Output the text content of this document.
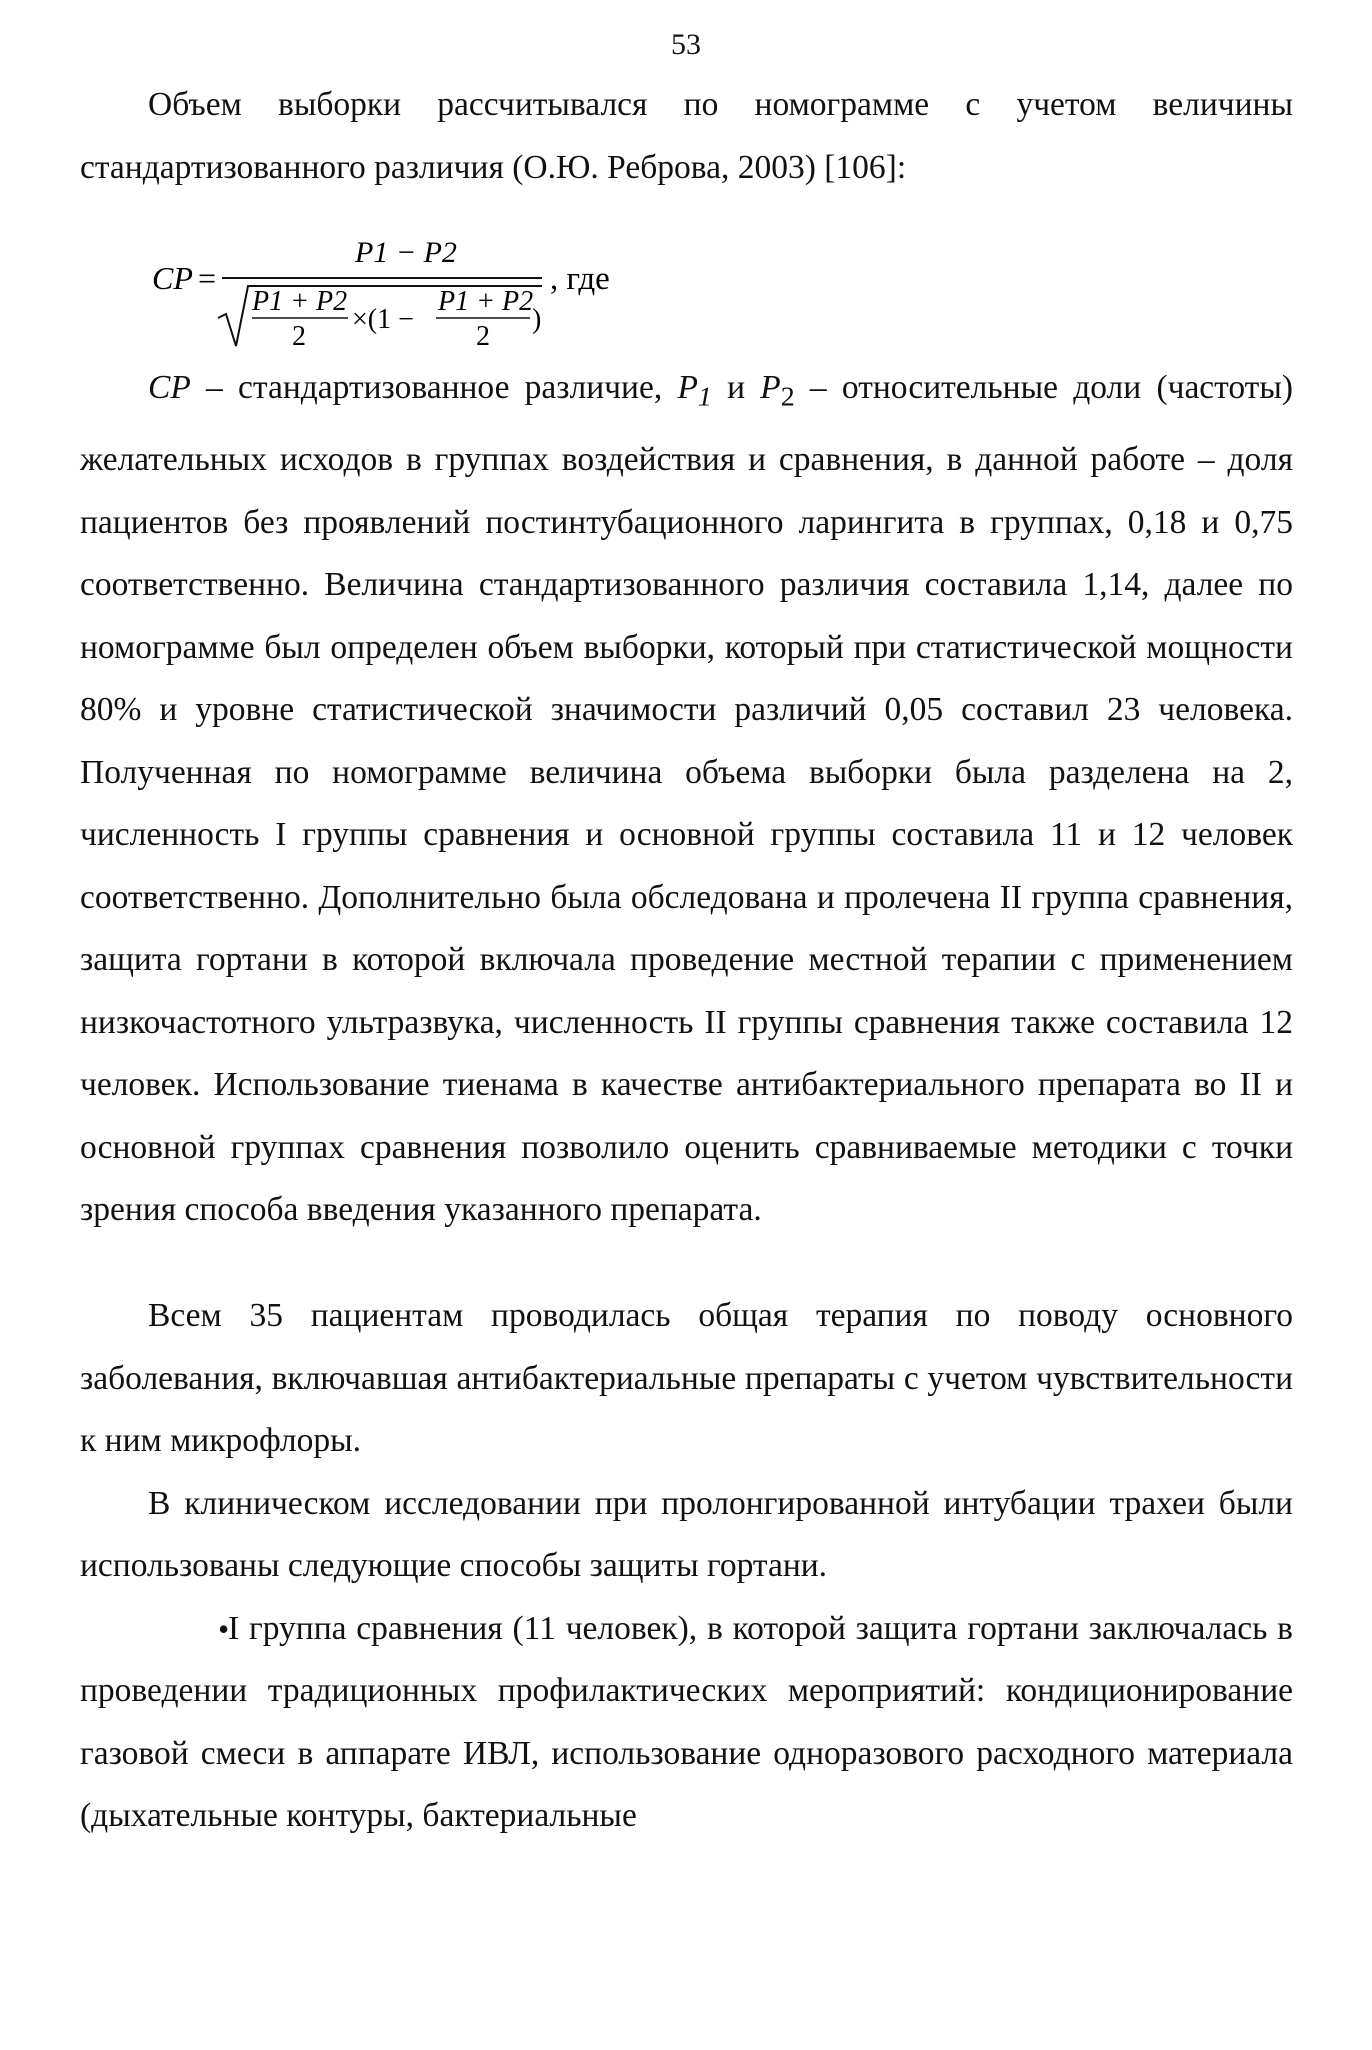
53

Объем выборки рассчитывался по номограмме с учетом величины стандартизованного различия (О.Ю. Реброва, 2003) [106]:

CP =
P1 − P2
P1 + P2
2
×(1 −
P1 + P2
2
)
, где

CP – стандартизованное различие, $P_1$ и $P_2$ – относительные доли (частоты) желательных исходов в группах воздействия и сравнения, в данной работе – доля пациентов без проявлений постинтубационного ларингита в группах, 0,18 и 0,75 соответственно. Величина стандартизованного различия составила 1,14, далее по номограмме был определен объем выборки, который при статистической мощности 80% и уровне статистической значимости различий 0,05 составил 23 человека. Полученная по номограмме величина объема выборки была разделена на 2, численность I группы сравнения и основной группы составила 11 и 12 человек соответственно. Дополнительно была обследована и пролечена II группа сравнения, защита гортани в которой включала проведение местной терапии с применением низкочастотного ультразвука, численность II группы сравнения также составила 12 человек. Использование тиенама в качестве антибактериального препарата во II и основной группах сравнения позволило оценить сравниваемые методики с точки зрения способа введения указанного препарата.

Всем 35 пациентам проводилась общая терапия по поводу основного заболевания, включавшая антибактериальные препараты с учетом чувствительности к ним микрофлоры.

В клиническом исследовании при пролонгированной интубации трахеи были использованы следующие способы защиты гортани.

•
I группа сравнения (11 человек), в которой защита гортани заключалась в проведении традиционных профилактических мероприятий: кондиционирование газовой смеси в аппарате ИВЛ, использование одноразового расходного материала (дыхательные контуры, бактериальные
